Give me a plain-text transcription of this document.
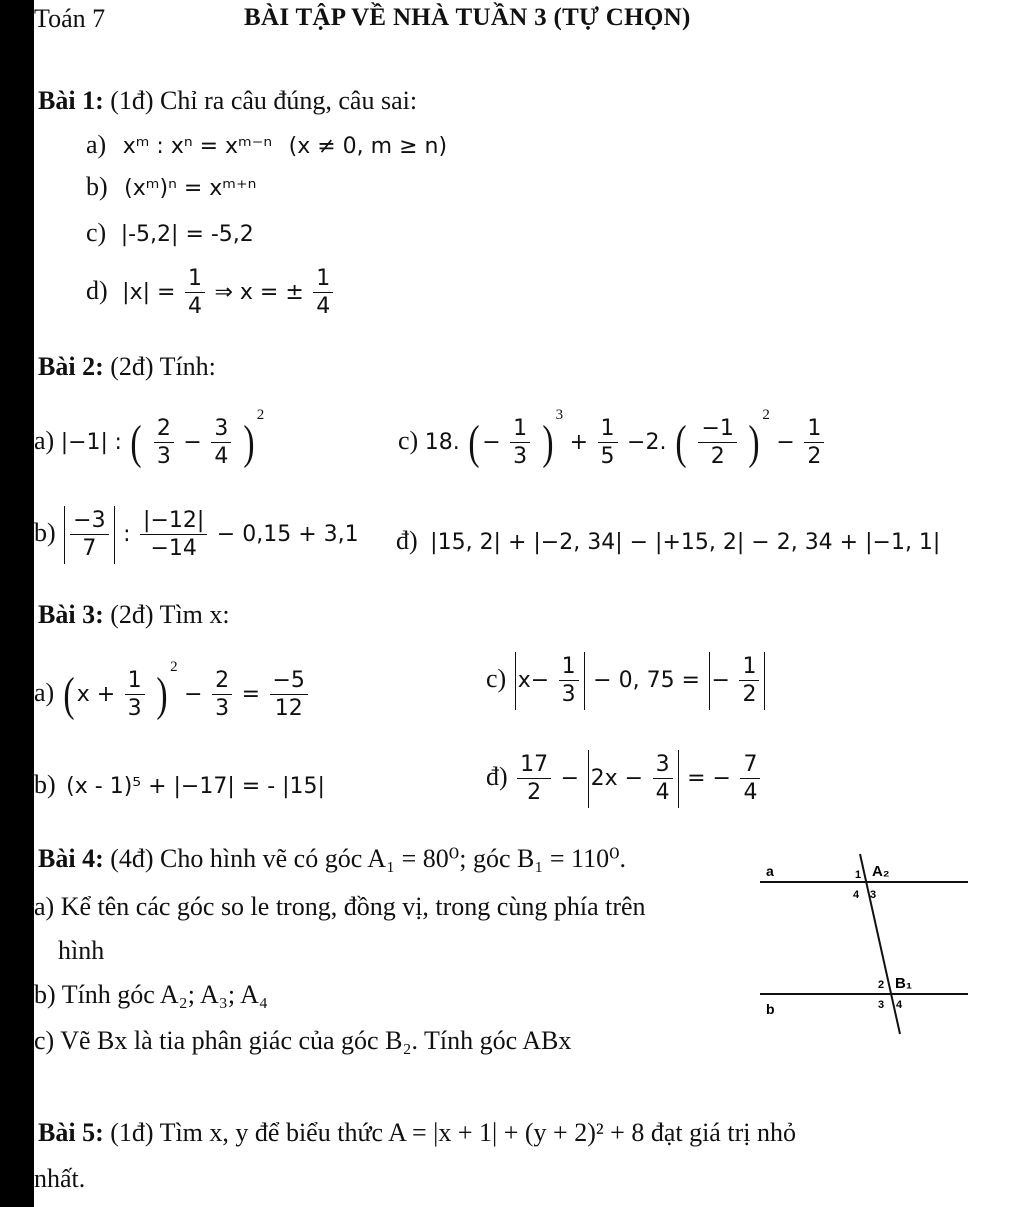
Toán 7	BÀI TẬP VỀ NHÀ TUẦN 3 (TỰ CHỌN)
Bài 1: (1đ) Chỉ ra câu đúng, câu sai:
a) xᵐ : xⁿ = xᵐ⁻ⁿ (x ≠ 0, m ≥ n)
b) (xᵐ)ⁿ = xᵐ⁺ⁿ
c) |-5,2| = -5,2
d) $|x| = \frac{1}{4}$ ⇒ x = ± $\frac{1}{4}$
Bài 2: (2đ) Tính:
a) |−1| : ( $\frac{2}{3} - \frac{3}{4} )^2$
c) 18. ( − $\frac{1}{3} )^3 + \frac{1}{5} -2$. ( $\frac{-1}{2} )^2 - \frac{1}{2}$
$b) \frac{-3}{7}$ : $\frac{|-12|}{-14} - 0,15 + 3,1$ đ) |15, 2| + |−2, 34| − |+15, 2| − 2, 34 + |−1, 1|
Bài 3: (2đ) Tìm x:
a) ( $x + \frac{1}{3} )^2 - \frac{2}{3} = \frac{-5}{12}$	c) $x- \frac{1}{3} - 0$, 75 = − $\frac{1}{2}$
b) (x - 1)⁵ + |−17| = - |15|	đ) $\frac{17}{2} - 2x - \frac{3}{4}$ = − $\frac{7}{4}$
Bài 4: (4đ) Cho hình vẽ có góc A₁ = 80⁰; góc B₁ = 110⁰.
a) Kể tên các góc so le trong, đồng vị, trong cùng phía trên
hình
b) Tính góc A₂; A₃; A₄
c) Vẽ Bx là tia phân giác của góc B₂. Tính góc ABx
a
b
A₂
1
4 3
B₁
2
3 4
Bài 5: (1đ) Tìm x, y để biểu thức A = |x + 1| + (y + 2)² + 8 đạt giá trị nhỏ
nhất.
